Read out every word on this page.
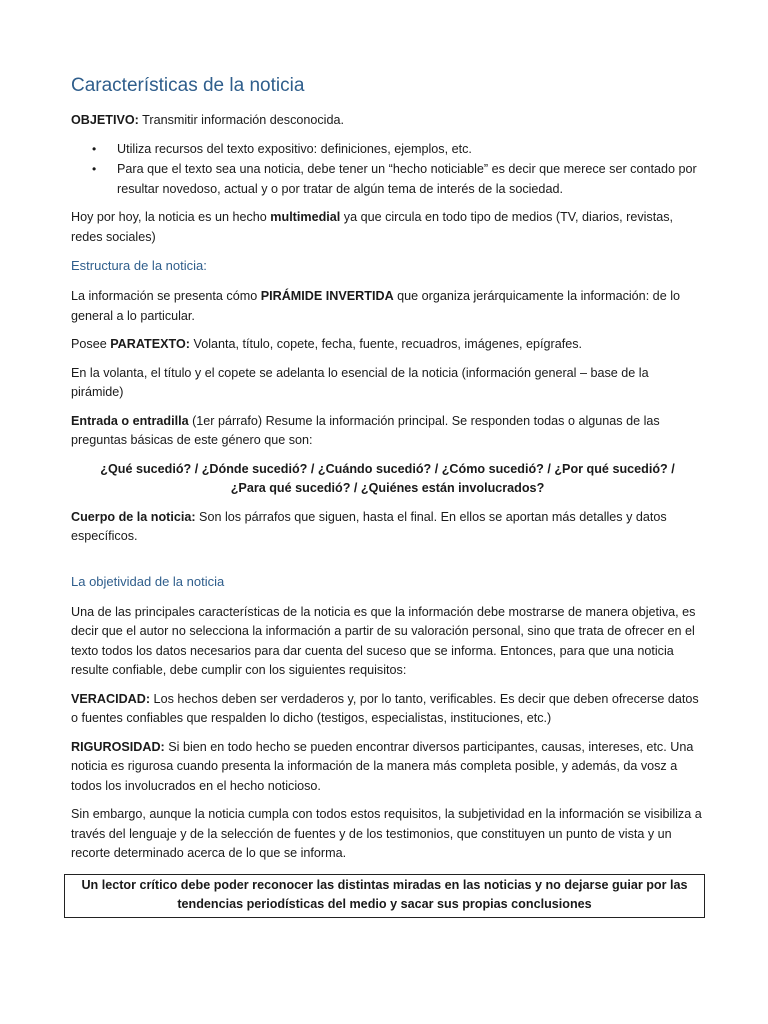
Características de la noticia

OBJETIVO: Transmitir información desconocida.

• Utiliza recursos del texto expositivo: definiciones, ejemplos, etc.
• Para que el texto sea una noticia, debe tener un “hecho noticiable” es decir que merece ser contado por resultar novedoso, actual y o por tratar de algún tema de interés de la sociedad.

Hoy por hoy, la noticia es un hecho multimedial ya que circula en todo tipo de medios (TV, diarios, revistas, redes sociales)

Estructura de la noticia:

La información se presenta cómo PIRÁMIDE INVERTIDA que organiza jerárquicamente la información: de lo general a lo particular.

Posee PARATEXTO: Volanta, título, copete, fecha, fuente, recuadros, imágenes, epígrafes.

En la volanta, el título y el copete se adelanta lo esencial de la noticia (información general – base de la pirámide)

Entrada o entradilla (1er párrafo) Resume la información principal. Se responden todas o algunas de las preguntas básicas de este género que son:

¿Qué sucedió? / ¿Dónde sucedió? / ¿Cuándo sucedió? / ¿Cómo sucedió? / ¿Por qué sucedió? / ¿Para qué sucedió? / ¿Quiénes están involucrados?

Cuerpo de la noticia: Son los párrafos que siguen, hasta el final. En ellos se aportan más detalles y datos específicos.

La objetividad de la noticia

Una de las principales características de la noticia es que la información debe mostrarse de manera objetiva, es decir que el autor no selecciona la información a partir de su valoración personal, sino que trata de ofrecer en el texto todos los datos necesarios para dar cuenta del suceso que se informa. Entonces, para que una noticia resulte confiable, debe cumplir con los siguientes requisitos:

VERACIDAD: Los hechos deben ser verdaderos y, por lo tanto, verificables. Es decir que deben ofrecerse datos o fuentes confiables que respalden lo dicho (testigos, especialistas, instituciones, etc.)

RIGUROSIDAD: Si bien en todo hecho se pueden encontrar diversos participantes, causas, intereses, etc. Una noticia es rigurosa cuando presenta la información de la manera más completa posible, y además, da vosz a todos los involucrados en el hecho noticioso.

Sin embargo, aunque la noticia cumpla con todos estos requisitos, la subjetividad en la información se visibiliza a través del lenguaje y de la selección de fuentes y de los testimonios, que constituyen un punto de vista y un recorte determinado acerca de lo que se informa.

Un lector crítico debe poder reconocer las distintas miradas en las noticias y no dejarse guiar por las tendencias periodísticas del medio y sacar sus propias conclusiones
